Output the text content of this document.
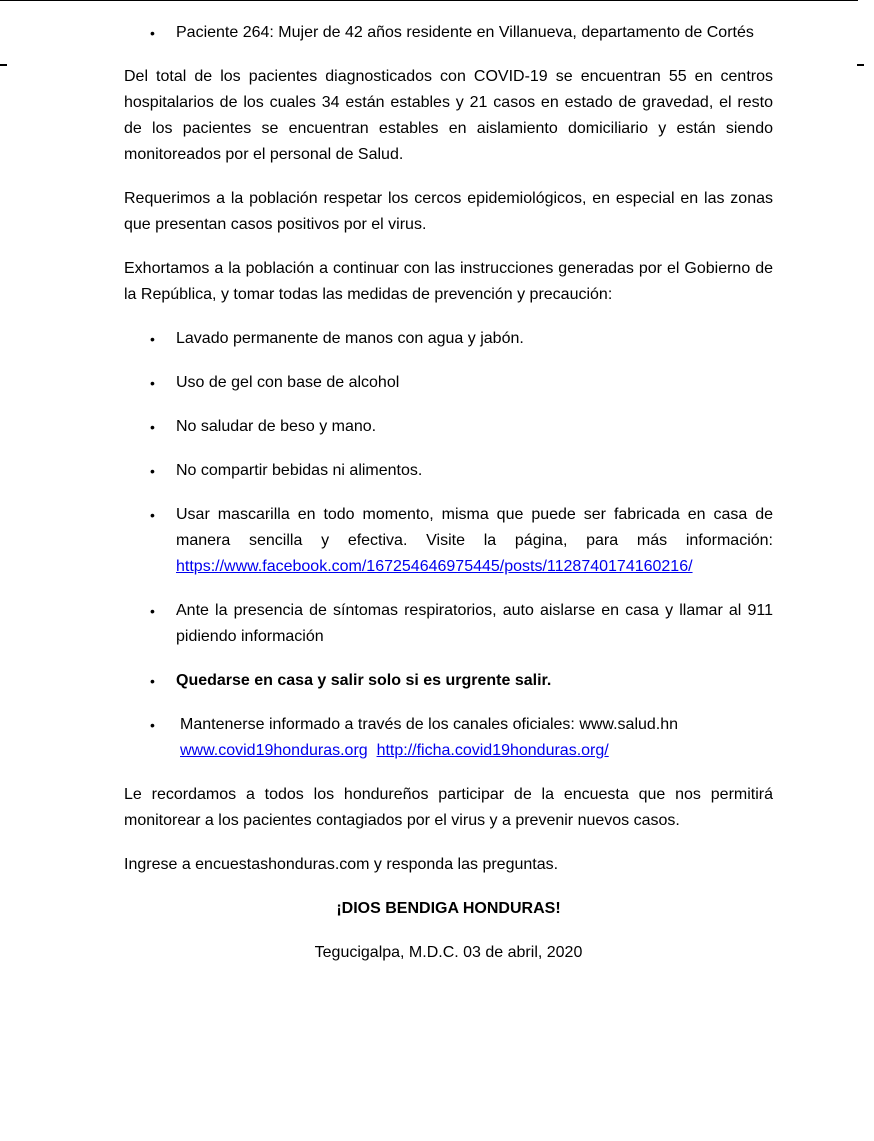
• Paciente 264: Mujer de 42 años residente en Villanueva, departamento de Cortés

Del total de los pacientes diagnosticados con COVID-19 se encuentran 55 en centros hospitalarios de los cuales 34 están estables y 21 casos en estado de gravedad, el resto de los pacientes se encuentran estables en aislamiento domiciliario y están siendo monitoreados por el personal de Salud.

Requerimos a la población respetar los cercos epidemiológicos, en especial en las zonas que presentan casos positivos por el virus.

Exhortamos a la población a continuar con las instrucciones generadas por el Gobierno de la República, y tomar todas las medidas de prevención y precaución:

• Lavado permanente de manos con agua y jabón.
• Uso de gel con base de alcohol
• No saludar de beso y mano.
• No compartir bebidas ni alimentos.
• Usar mascarilla en todo momento, misma que puede ser fabricada en casa de manera sencilla y efectiva. Visite la página, para más información: https://www.facebook.com/167254646975445/posts/1128740174160216/
• Ante la presencia de síntomas respiratorios, auto aislarse en casa y llamar al 911 pidiendo información
• Quedarse en casa y salir solo si es urgrente salir.
• Mantenerse informado a través de los canales oficiales: www.salud.hn
www.covid19honduras.org http://ficha.covid19honduras.org/

Le recordamos a todos los hondureños participar de la encuesta que nos permitirá monitorear a los pacientes contagiados por el virus y a prevenir nuevos casos.

Ingrese a encuestashonduras.com y responda las preguntas.

¡DIOS BENDIGA HONDURAS!

Tegucigalpa, M.D.C. 03 de abril, 2020
